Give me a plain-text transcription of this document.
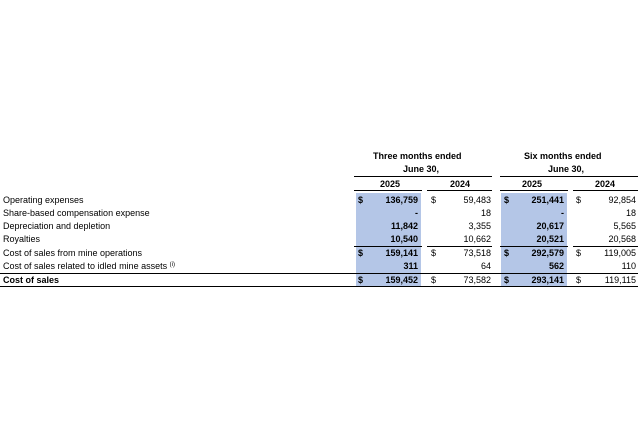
Three months ended
June 30,
Six months ended
June 30,
2025	2024	2025	2024
Operating expenses	$	136,759 $	59,483 $	251,441 $	92,854
Share-based compensation expense	-	18	-	18
Depreciation and depletion	11,842	3,355	20,617	5,565
Royalties	10,540	10,662	20,521	20,568
Cost of sales from mine operations	$	159,141 $	73,518 $	292,579 $	119,005
Cost of sales related to idled mine assets $^{(i)}$	311	64	562	110
Cost of sales	$	159,452 $	73,582 $	293,141 $	119,115
